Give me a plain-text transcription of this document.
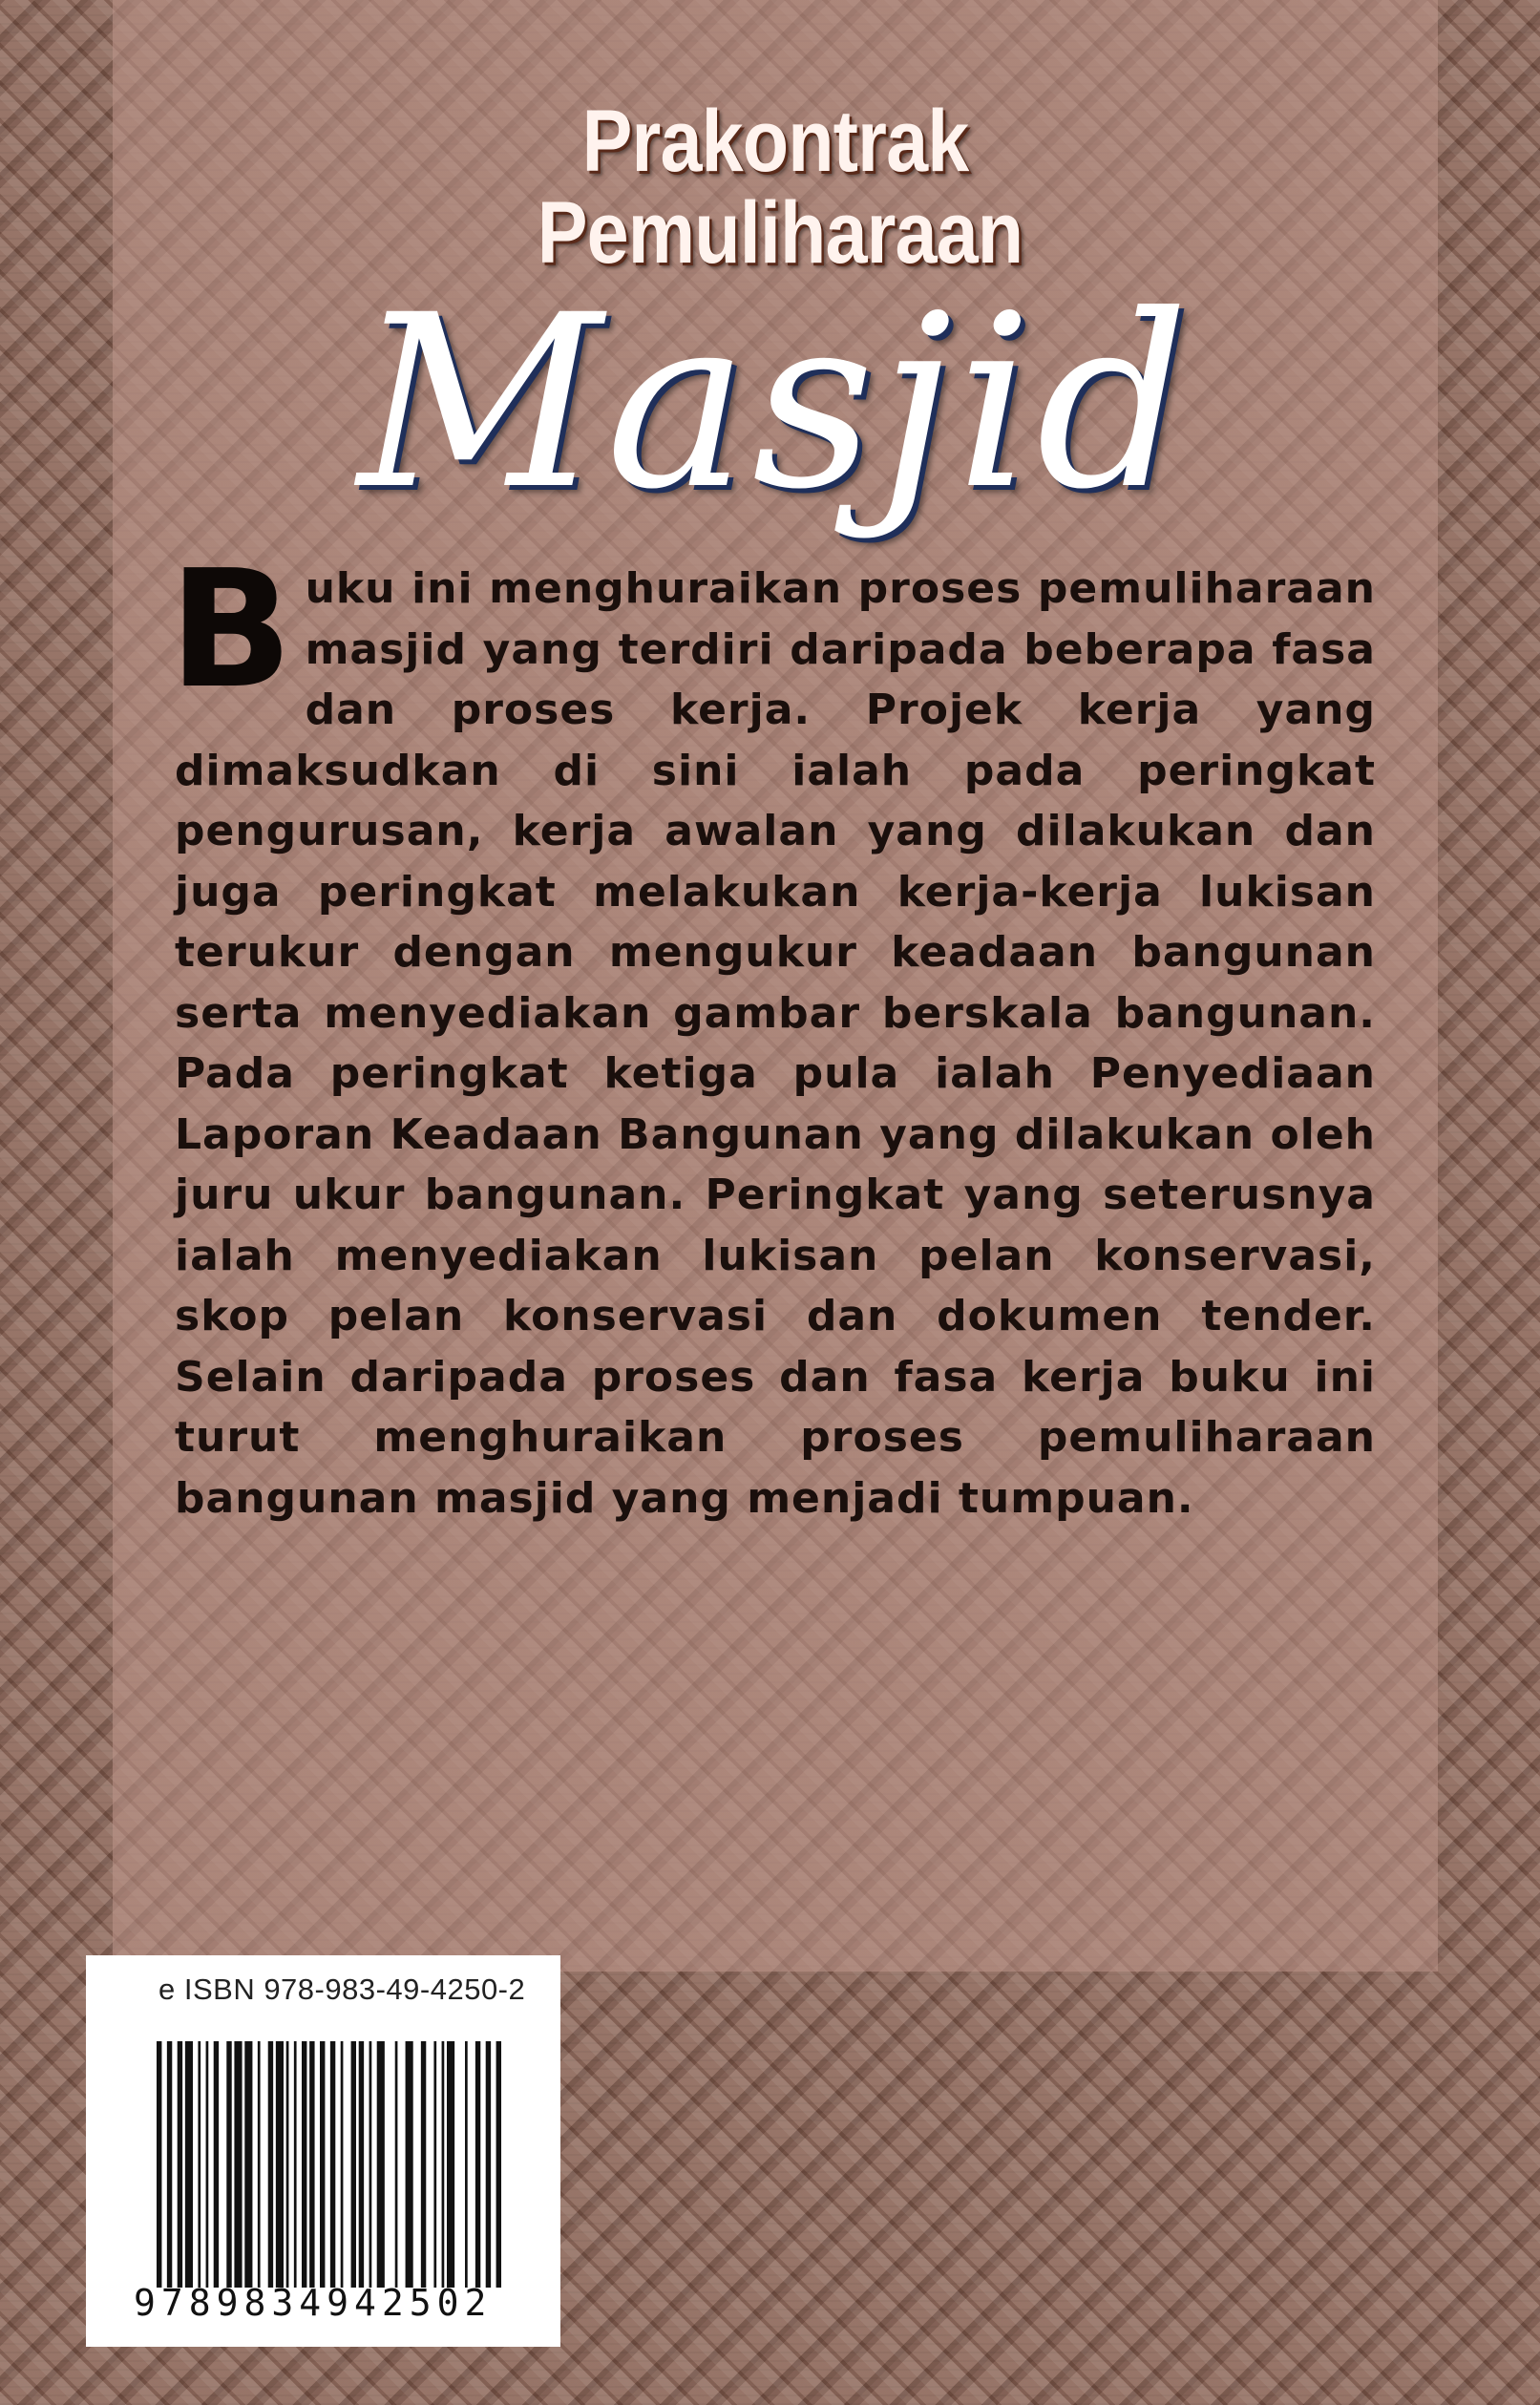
Prakontrak
Pemuliharaan
Masjid
Buku ini menghuraikan proses pemuliharaan masjid yang terdiri daripada beberapa fasa dan proses kerja. Projek kerja yang dimaksudkan di sini ialah pada peringkat pengurusan, kerja awalan yang dilakukan dan juga peringkat melakukan kerja-kerja lukisan terukur dengan mengukur keadaan bangunan serta menyediakan gambar berskala bangunan. Pada peringkat ketiga pula ialah Penyediaan Laporan Keadaan Bangunan yang dilakukan oleh juru ukur bangunan. Peringkat yang seterusnya ialah menyediakan lukisan pelan konservasi, skop pelan konservasi dan dokumen tender. Selain daripada proses dan fasa kerja buku ini turut menghuraikan proses pemuliharaan bangunan masjid yang menjadi tumpuan.
e ISBN 978-983-49-4250-2
9789834942502
